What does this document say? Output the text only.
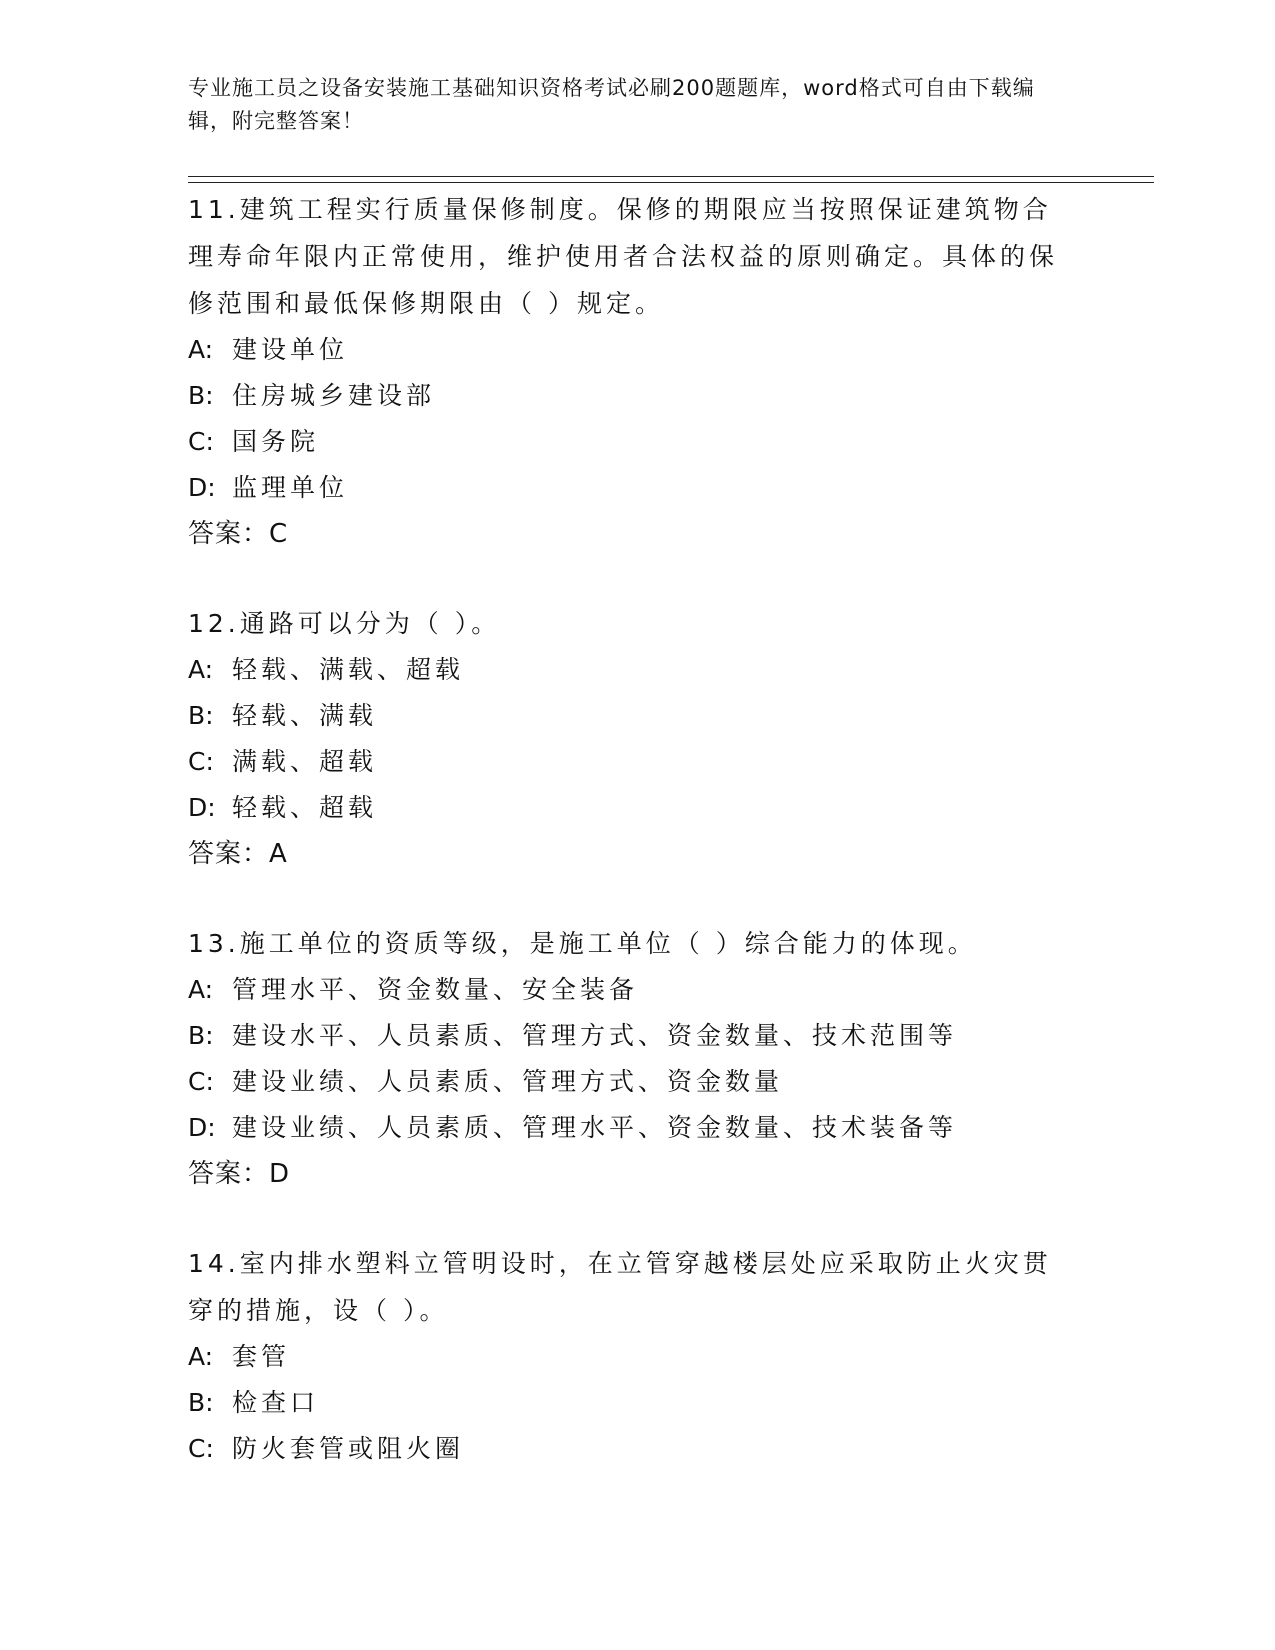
专业施工员之设备安装施工基础知识资格考试必刷200题题库，word格式可自由下载编辑，附完整答案！

11.建筑工程实行质量保修制度。保修的期限应当按照保证建筑物合理寿命年限内正常使用，维护使用者合法权益的原则确定。具体的保修范围和最低保修期限由（ ）规定。

A: 建设单位

B: 住房城乡建设部

C: 国务院

D: 监理单位

答案：C

12.通路可以分为（ ）。

A: 轻载、满载、超载

B: 轻载、满载

C: 满载、超载

D: 轻载、超载

答案：A

13.施工单位的资质等级，是施工单位（ ）综合能力的体现。

A: 管理水平、资金数量、安全装备

B: 建设水平、人员素质、管理方式、资金数量、技术范围等

C: 建设业绩、人员素质、管理方式、资金数量

D: 建设业绩、人员素质、管理水平、资金数量、技术装备等

答案：D

14.室内排水塑料立管明设时，在立管穿越楼层处应采取防止火灾贯穿的措施，设（ ）。

A: 套管

B: 检查口

C: 防火套管或阻火圈
